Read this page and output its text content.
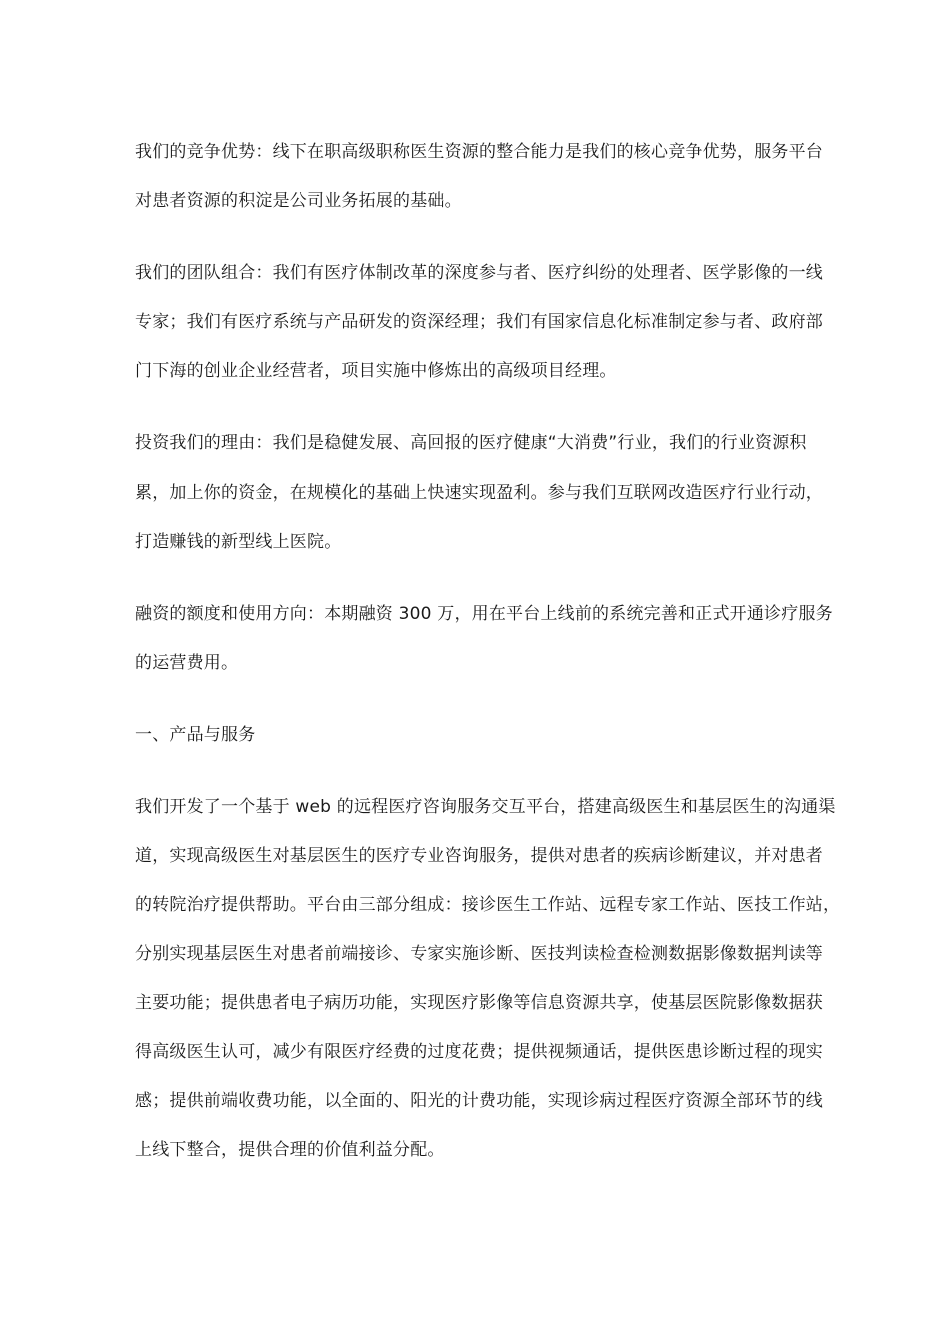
我们的竞争优势：线下在职高级职称医生资源的整合能力是我们的核心竞争优势，服务平台
对患者资源的积淀是公司业务拓展的基础。
我们的团队组合：我们有医疗体制改革的深度参与者、医疗纠纷的处理者、医学影像的一线
专家；我们有医疗系统与产品研发的资深经理；我们有国家信息化标准制定参与者、政府部
门下海的创业企业经营者，项目实施中修炼出的高级项目经理。
投资我们的理由：我们是稳健发展、高回报的医疗健康“大消费”行业，我们的行业资源积
累，加上你的资金，在规模化的基础上快速实现盈利。参与我们互联网改造医疗行业行动，
打造赚钱的新型线上医院。
融资的额度和使用方向：本期融资 300 万，用在平台上线前的系统完善和正式开通诊疗服务
的运营费用。
一、产品与服务
我们开发了一个基于 web 的远程医疗咨询服务交互平台，搭建高级医生和基层医生的沟通渠
道，实现高级医生对基层医生的医疗专业咨询服务，提供对患者的疾病诊断建议，并对患者
的转院治疗提供帮助。平台由三部分组成：接诊医生工作站、远程专家工作站、医技工作站，
分别实现基层医生对患者前端接诊、专家实施诊断、医技判读检查检测数据影像数据判读等
主要功能；提供患者电子病历功能，实现医疗影像等信息资源共享，使基层医院影像数据获
得高级医生认可，减少有限医疗经费的过度花费；提供视频通话，提供医患诊断过程的现实
感；提供前端收费功能，以全面的、阳光的计费功能，实现诊病过程医疗资源全部环节的线
上线下整合，提供合理的价值利益分配。
